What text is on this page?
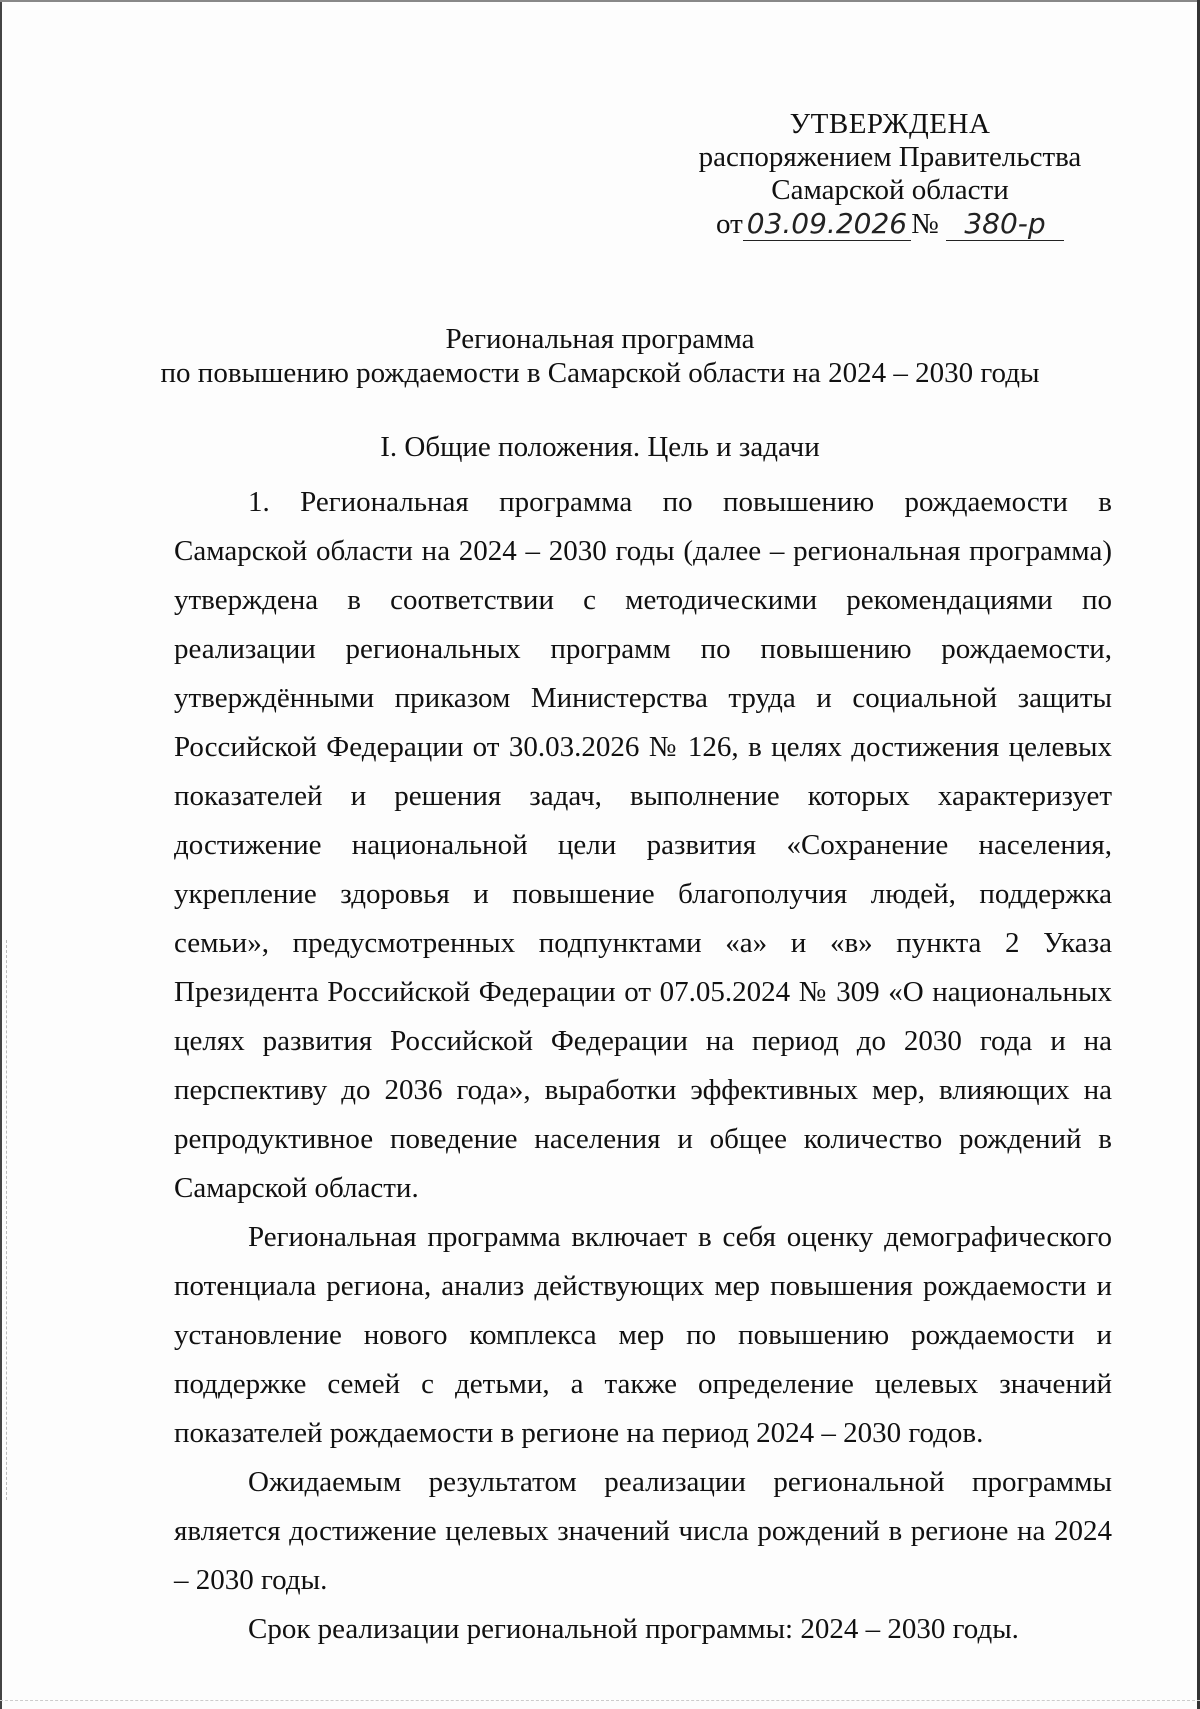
УТВЕРЖДЕНА
распоряжением Правительства
Самарской области
от 03.09.2026 № 380-р
Региональная программа
по повышению рождаемости в Самарской области на 2024 – 2030 годы
I. Общие положения. Цель и задачи

1. Региональная программа по повышению рождаемости в Самарской области на 2024 – 2030 годы (далее – региональная программа) утверждена в соответствии с методическими рекомендациями по реализации региональных программ по повышению рождаемости, утверждёнными приказом Министерства труда и социальной защиты Российской Федерации от 30.03.2026 № 126, в целях достижения целевых показателей и решения задач, выполнение которых характеризует достижение национальной цели развития «Сохранение населения, укрепление здоровья и повышение благополучия людей, поддержка семьи», предусмотренных подпунктами «а» и «в» пункта 2 Указа Президента Российской Федерации от 07.05.2024 № 309 «О национальных целях развития Российской Федерации на период до 2030 года и на перспективу до 2036 года», выработки эффективных мер, влияющих на репродуктивное поведение населения и общее количество рождений в Самарской области.

Региональная программа включает в себя оценку демографического потенциала региона, анализ действующих мер повышения рождаемости и установление нового комплекса мер по повышению рождаемости и поддержке семей с детьми, а также определение целевых значений показателей рождаемости в регионе на период 2024 – 2030 годов.

Ожидаемым результатом реализации региональной программы является достижение целевых значений числа рождений в регионе на 2024 – 2030 годы.

Срок реализации региональной программы: 2024 – 2030 годы.
